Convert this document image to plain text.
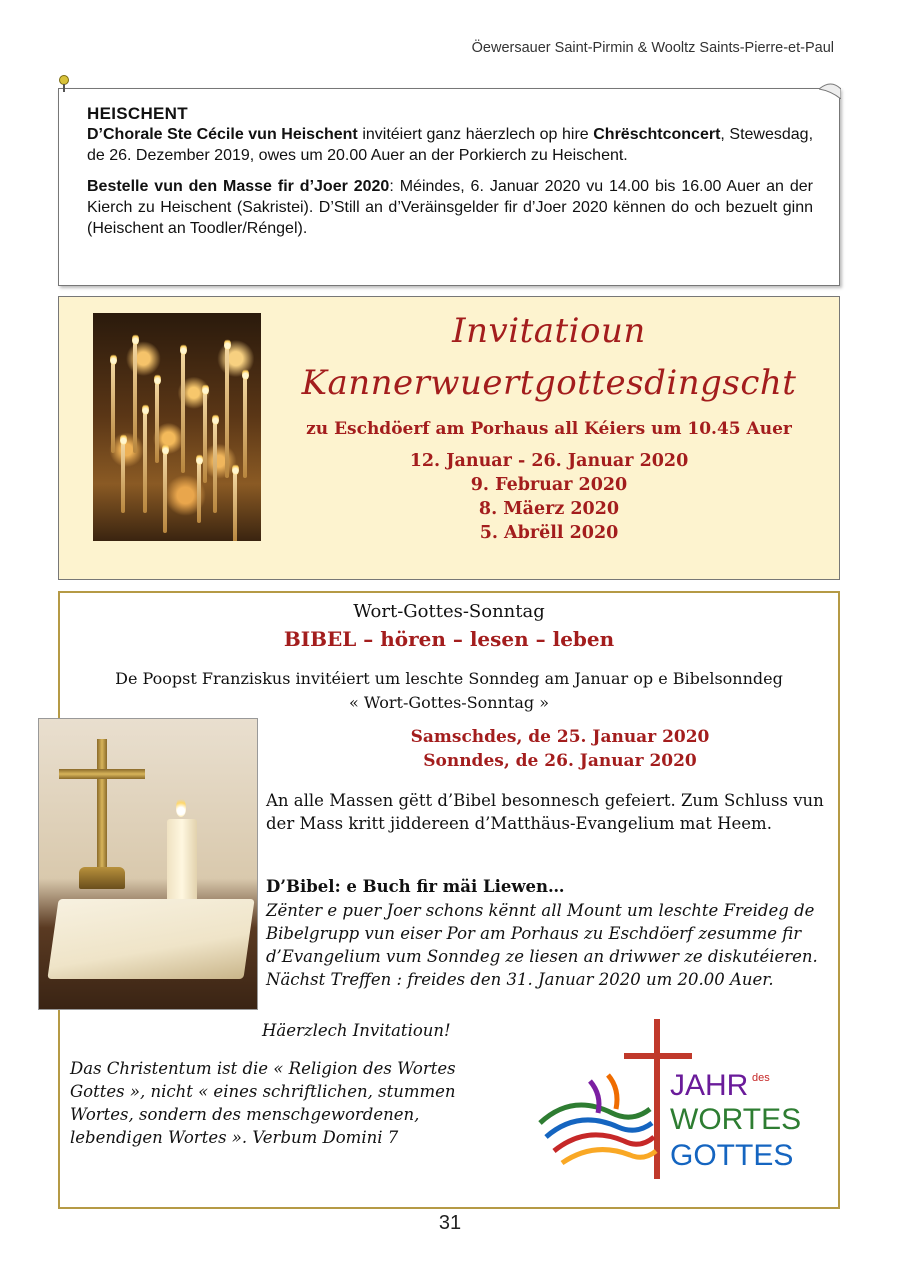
Öewersauer Saint-Pirmin & Wooltz Saints-Pierre-et-Paul
HEISCHENT

D’Chorale Ste Cécile vun Heischent invitéiert ganz häerzlech op hire Chrëschtconcert, Stewesdag, de 26. Dezember 2019, owes um 20.00 Auer an der Porkierch zu Heischent.

Bestelle vun den Masse fir d’Joer 2020: Méindes, 6. Januar 2020 vu 14.00 bis 16.00 Auer an der Kierch zu Heischent (Sakristei). D’Still an d’Veräinsgelder fir d’Joer 2020 kënnen do och bezuelt ginn (Heischent an Toodler/Réngel).

Invitatioun
Kannerwuertgottesdingscht
zu Eschdöerf am Porhaus all Kéiers um 10.45 Auer
12. Januar - 26. Januar 2020
9. Februar 2020
8. Mäerz 2020
5. Abrëll 2020
Wort-Gottes-Sonntag
BIBEL – hören – lesen – leben
De Poopst Franziskus invitéiert um leschte Sonndeg am Januar op e Bibelsonndeg
« Wort-Gottes-Sonntag »
Samschdes, de 25. Januar 2020
Sonndes, de 26. Januar 2020
An alle Massen gëtt d’Bibel besonnesch gefeiert. Zum Schluss vun der Mass kritt jiddereen d’Matthäus-Evangelium mat Heem.
D’Bibel: e Buch fir mäi Liewen…
Zënter e puer Joer schons kënnt all Mount um leschte Freideg de Bibelgrupp vun eiser Por am Porhaus zu Eschdöerf zesumme fir d’Evangelium vum Sonndeg ze liesen an driwwer ze diskutéieren. Nächst Treffen : freides den 31. Januar 2020 um 20.00 Auer.
Häerzlech Invitatioun!
Das Christentum ist die « Religion des Wortes Gottes », nicht « eines schriftlichen, stummen Wortes, sondern des menschgewordenen, lebendigen Wortes ». Verbum Domini 7
JAHR des
WORTES
GOTTES
31
